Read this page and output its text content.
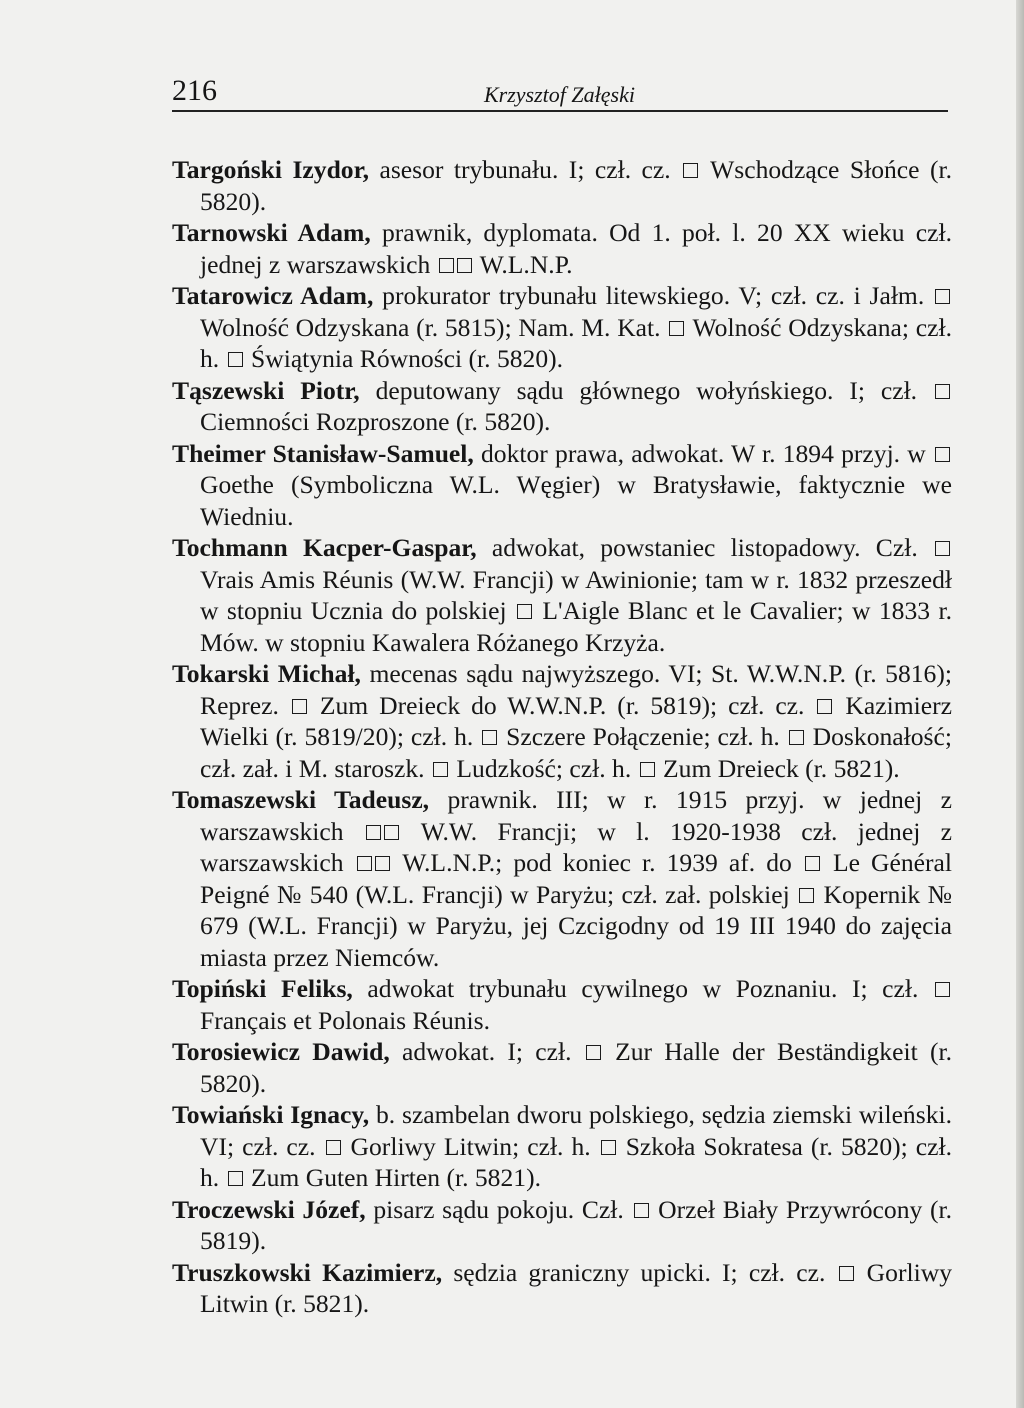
216	Krzysztof Załęski

Targoński Izydor, asesor trybunału. I; czł. cz.  Wschodzące Słońce (r. 5820).

Tarnowski Adam, prawnik, dyplomata. Od 1. poł. l. 20 XX wieku czł. jednej z warszawskich  W.L.N.P.

Tatarowicz Adam, prokurator trybunału litewskiego. V; czł. cz. i Jałm.  Wolność Odzyskana (r. 5815); Nam. M. Kat.  Wolność Odzyskana; czł. h.  Świątynia Równości (r. 5820).

Tąszewski Piotr, deputowany sądu głównego wołyńskiego. I; czł.  Ciemności Rozproszone (r. 5820).

Theimer Stanisław-Samuel, doktor prawa, adwokat. W r. 1894 przyj. w  Goethe (Symboliczna W.L. Węgier) w Bratysławie, faktycznie we Wiedniu.

Tochmann Kacper-Gaspar, adwokat, powstaniec listopadowy. Czł.  Vrais Amis Réunis (W.W. Francji) w Awinionie; tam w r. 1832 przeszedł w stopniu Ucznia do polskiej  L'Aigle Blanc et le Cavalier; w 1833 r. Mów. w stopniu Kawalera Różanego Krzyża.

Tokarski Michał, mecenas sądu najwyższego. VI; St. W.W.N.P. (r. 5816); Reprez.  Zum Dreieck do W.W.N.P. (r. 5819); czł. cz.  Kazimierz Wielki (r. 5819/20); czł. h.  Szczere Połączenie; czł. h.  Doskonałość; czł. zał. i M. staroszk.  Ludzkość; czł. h.  Zum Dreieck (r. 5821).

Tomaszewski Tadeusz, prawnik. III; w r. 1915 przyj. w jednej z warszawskich  W.W. Francji; w l. 1920-1938 czł. jednej z warszawskich  W.L.N.P.; pod koniec r. 1939 af. do  Le Général Peigné № 540 (W.L. Francji) w Paryżu; czł. zał. polskiej  Kopernik № 679 (W.L. Francji) w Paryżu, jej Czcigodny od 19 III 1940 do zajęcia miasta przez Niemców.

Topiński Feliks, adwokat trybunału cywilnego w Poznaniu. I; czł.  Français et Polonais Réunis.

Torosiewicz Dawid, adwokat. I; czł.  Zur Halle der Beständigkeit (r. 5820).

Towiański Ignacy, b. szambelan dworu polskiego, sędzia ziemski wileński. VI; czł. cz.  Gorliwy Litwin; czł. h.  Szkoła Sokratesa (r. 5820); czł. h.  Zum Guten Hirten (r. 5821).

Troczewski Józef, pisarz sądu pokoju. Czł.  Orzeł Biały Przywrócony (r. 5819).

Truszkowski Kazimierz, sędzia graniczny upicki. I; czł. cz.  Gorliwy Litwin (r. 5821).
